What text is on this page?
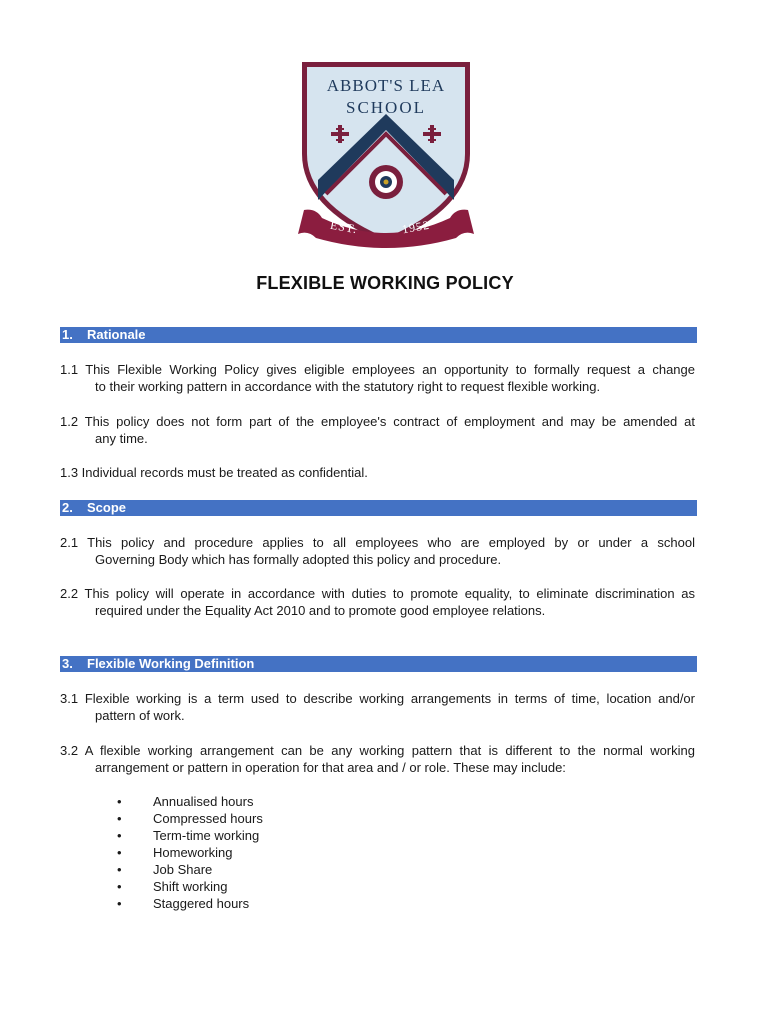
ABBOT'S LEA
SCHOOL
EST.	1952
FLEXIBLE WORKING POLICY
1. Rationale
1.1 This Flexible Working Policy gives eligible employees an opportunity to formally request a change
to their working pattern in accordance with the statutory right to request flexible working.
1.2 This policy does not form part of the employee's contract of employment and may be amended at
any time.
1.3 Individual records must be treated as confidential.
2. Scope
2.1 This policy and procedure applies to all employees who are employed by or under a school
Governing Body which has formally adopted this policy and procedure.
2.2 This policy will operate in accordance with duties to promote equality, to eliminate discrimination as
required under the Equality Act 2010 and to promote good employee relations.
3. Flexible Working Definition
3.1 Flexible working is a term used to describe working arrangements in terms of time, location and/or
pattern of work.
3.2 A flexible working arrangement can be any working pattern that is different to the normal working
arrangement or pattern in operation for that area and / or role. These may include:
• Annualised hours
• Compressed hours
• Term-time working
• Homeworking
• Job Share
• Shift working
• Staggered hours
